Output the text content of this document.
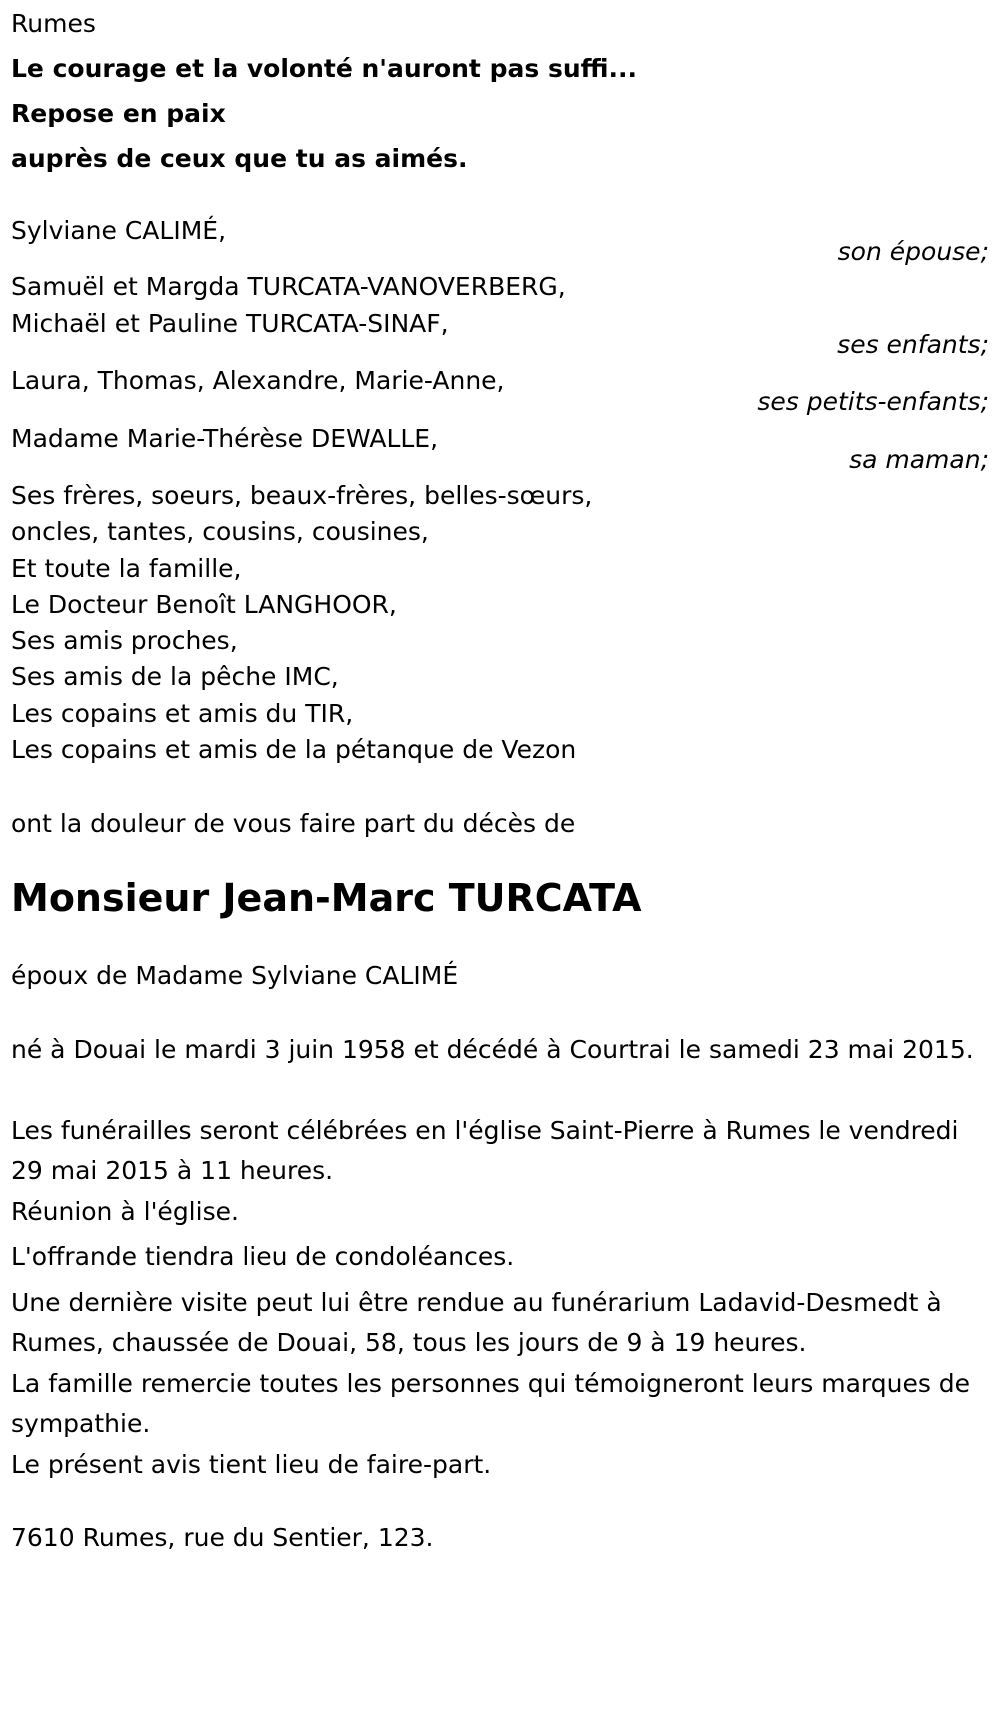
Rumes
Le courage et la volonté n'auront pas suffi...
Repose en paix
auprès de ceux que tu as aimés.
Sylviane CALIMÉ,
son épouse;
Samuël et Margda TURCATA-VANOVERBERG,
Michaël et Pauline TURCATA-SINAF,
ses enfants;
Laura, Thomas, Alexandre, Marie-Anne,
ses petits-enfants;
Madame Marie-Thérèse DEWALLE,
sa maman;
Ses frères, soeurs, beaux-frères, belles-sœurs,
oncles, tantes, cousins, cousines,
Et toute la famille,
Le Docteur Benoît LANGHOOR,
Ses amis proches,
Ses amis de la pêche IMC,
Les copains et amis du TIR,
Les copains et amis de la pétanque de Vezon
ont la douleur de vous faire part du décès de
Monsieur Jean-Marc TURCATA
époux de Madame Sylviane CALIMÉ
né à Douai le mardi 3 juin 1958 et décédé à Courtrai le samedi 23 mai 2015.
Les funérailles seront célébrées en l'église Saint-Pierre à Rumes le vendredi 29 mai 2015 à 11 heures.
Réunion à l'église.
L'offrande tiendra lieu de condoléances.
Une dernière visite peut lui être rendue au funérarium Ladavid-Desmedt à Rumes, chaussée de Douai, 58, tous les jours de 9 à 19 heures.
La famille remercie toutes les personnes qui témoigneront leurs marques de sympathie.
Le présent avis tient lieu de faire-part.
7610 Rumes, rue du Sentier, 123.
